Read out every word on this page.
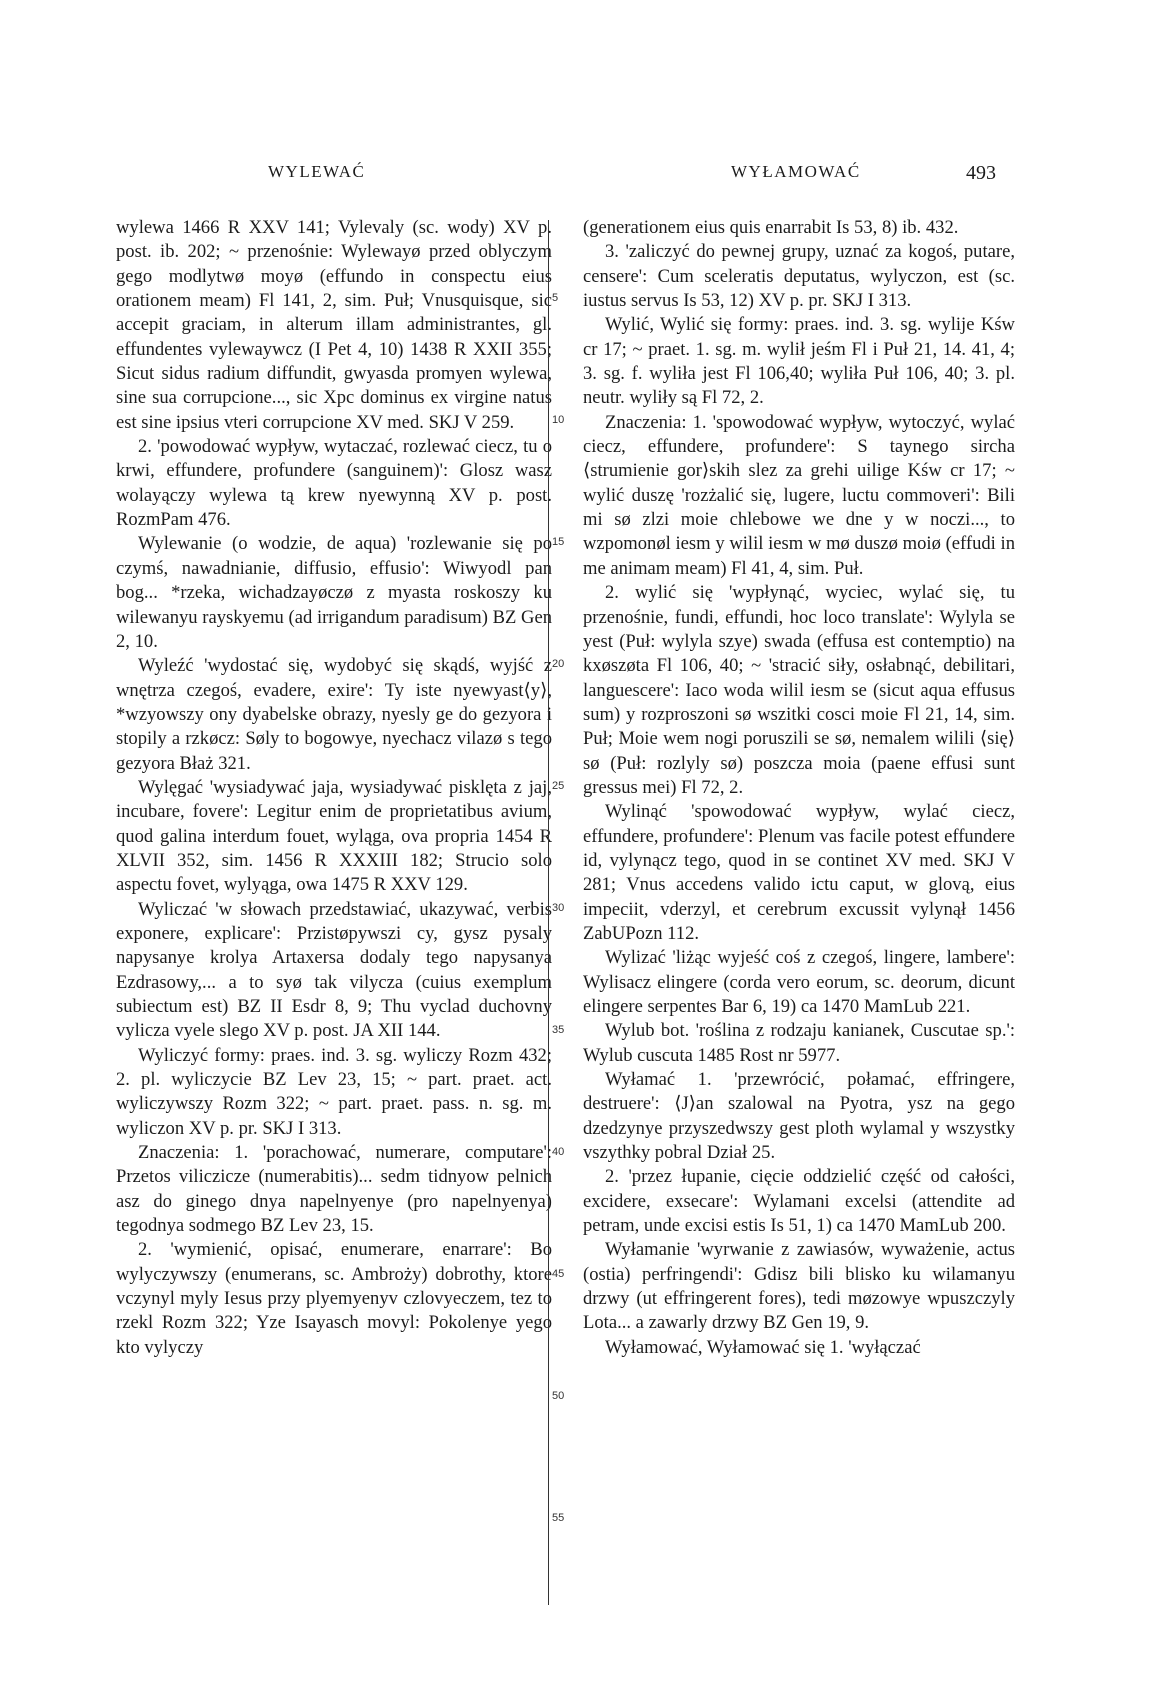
WYLEWAĆ	WYŁAMOWAĆ	493

wylewa 1466 R XXV 141; Vylevaly (sc. wody) XV p. post. ib. 202; ~ przenośnie: Wylewayø przed oblyczym gego modlytwø moyø (effundo in conspectu eius orationem meam) Fl 141, 2, sim. Puł; Vnusquisque, sic accepit graciam, in alterum illam administrantes, gl. effundentes vylewaywcz (I Pet 4, 10) 1438 R XXII 355; Sicut sidus radium diffundit, gwyasda promyen wylewa, sine sua corrupcione..., sic Xpc dominus ex virgine natus est sine ipsius vteri corrupcione XV med. SKJ V 259.

2. 'powodować wypływ, wytaczać, rozlewać ciecz, tu o krwi, effundere, profundere (sanguinem)': Glosz wasz wolayączy wylewa tą krew nyewynną XV p. post. RozmPam 476.

Wylewanie (o wodzie, de aqua) 'rozlewanie się po czymś, nawadnianie, diffusio, effusio': Wiwyodl pan bog... *rzeka, wichadzayøczø z myasta roskoszy ku wilewanyu rayskyemu (ad irrigandum paradisum) BZ Gen 2, 10.

Wyleźć 'wydostać się, wydobyć się skądś, wyjść z wnętrza czegoś, evadere, exire': Ty iste nyewyast⟨y⟩, *wzyowszy ony dyabelske obrazy, nyesly ge do gezyora i stopily a rzkøcz: Søly to bogowye, nyechacz vilazø s tego gezyora Błaż 321.

Wylęgać 'wysiadywać jaja, wysiadywać pisklęta z jaj, incubare, fovere': Legitur enim de proprietatibus avium, quod galina interdum fouet, wyląga, ova propria 1454 R XLVII 352, sim. 1456 R XXXIII 182; Strucio solo aspectu fovet, wylyąga, owa 1475 R XXV 129.

Wyliczać 'w słowach przedstawiać, ukazywać, verbis exponere, explicare': Przistøpywszi cy, gysz pysaly napysanye krolya Artaxersa dodaly tego napysanya Ezdrasowy,... a to syø tak vilycza (cuius exemplum subiectum est) BZ II Esdr 8, 9; Thu vyclad duchovny vylicza vyele slego XV p. post. JA XII 144.

Wyliczyć formy: praes. ind. 3. sg. wyliczy Rozm 432; 2. pl. wyliczycie BZ Lev 23, 15; ~ part. praet. act. wyliczywszy Rozm 322; ~ part. praet. pass. n. sg. m. wyliczon XV p. pr. SKJ I 313.

Znaczenia: 1. 'porachować, numerare, computare': Przetos viliczicze (numerabitis)... sedm tidnyow pelnich asz do ginego dnya napelnyenye (pro napelnyenya) tegodnya sodmego BZ Lev 23, 15.

2. 'wymienić, opisać, enumerare, enarrare': Bo wylyczywszy (enumerans, sc. Ambroży) dobrothy, ktore vczynyl myly Iesus przy plyemyenyv czlovyeczem, tez to rzekl Rozm 322; Yze Isayasch movyl: Pokolenye yego kto vylyczy

5
10
15
20
25
30
35
40
45
50
55

(generationem eius quis enarrabit Is 53, 8) ib. 432.

3. 'zaliczyć do pewnej grupy, uznać za kogoś, putare, censere': Cum sceleratis deputatus, wylyczon, est (sc. iustus servus Is 53, 12) XV p. pr. SKJ I 313.

Wylić, Wylić się formy: praes. ind. 3. sg. wylije Kśw cr 17; ~ praet. 1. sg. m. wylił jeśm Fl i Puł 21, 14. 41, 4; 3. sg. f. wyliła jest Fl 106,40; wyliła Puł 106, 40; 3. pl. neutr. wyliły są Fl 72, 2.

Znaczenia: 1. 'spowodować wypływ, wytoczyć, wylać ciecz, effundere, profundere': S taynego sircha ⟨strumienie gor⟩skih slez za grehi uilige Kśw cr 17; ~ wylić duszę 'rozżalić się, lugere, luctu commoveri': Bili mi sø zlzi moie chlebowe we dne y w noczi..., to wzpomonøl iesm y wilil iesm w mø duszø moiø (effudi in me animam meam) Fl 41, 4, sim. Puł.

2. wylić się 'wypłynąć, wyciec, wylać się, tu przenośnie, fundi, effundi, hoc loco translate': Wylyla se yest (Puł: wylyla szye) swada (effusa est contemptio) na kxøszøta Fl 106, 40; ~ 'stracić siły, osłabnąć, debilitari, languescere': Iaco woda wilil iesm se (sicut aqua effusus sum) y rozproszoni sø wszitki cosci moie Fl 21, 14, sim. Puł; Moie wem nogi poruszili se sø, nemalem wilili ⟨się⟩ sø (Puł: rozlyly sø) poszcza moia (paene effusi sunt gressus mei) Fl 72, 2.

Wylinąć 'spowodować wypływ, wylać ciecz, effundere, profundere': Plenum vas facile potest effundere id, vylynącz tego, quod in se continet XV med. SKJ V 281; Vnus accedens valido ictu caput, w glovą, eius impeciit, vderzyl, et cerebrum excussit vylynął 1456 ZabUPozn 112.

Wylizać 'liżąc wyjeść coś z czegoś, lingere, lambere': Wylisacz elingere (corda vero eorum, sc. deorum, dicunt elingere serpentes Bar 6, 19) ca 1470 MamLub 221.

Wylub bot. 'roślina z rodzaju kanianek, Cuscutae sp.': Wylub cuscuta 1485 Rost nr 5977.

Wyłamać 1. 'przewrócić, połamać, effringere, destruere': ⟨J⟩an szalowal na Pyotra, ysz na gego dzedzynye przyszedwszy gest ploth wylamal y wszystky vszythky pobral Dział 25.

2. 'przez łupanie, cięcie oddzielić część od całości, excidere, exsecare': Wylamani excelsi (attendite ad petram, unde excisi estis Is 51, 1) ca 1470 MamLub 200.

Wyłamanie 'wyrwanie z zawiasów, wyważenie, actus (ostia) perfringendi': Gdisz bili blisko ku wilamanyu drzwy (ut effringerent fores), tedi møzowye wpuszczyly Lota... a zawarly drzwy BZ Gen 19, 9.

Wyłamować, Wyłamować się 1. 'wyłączać
